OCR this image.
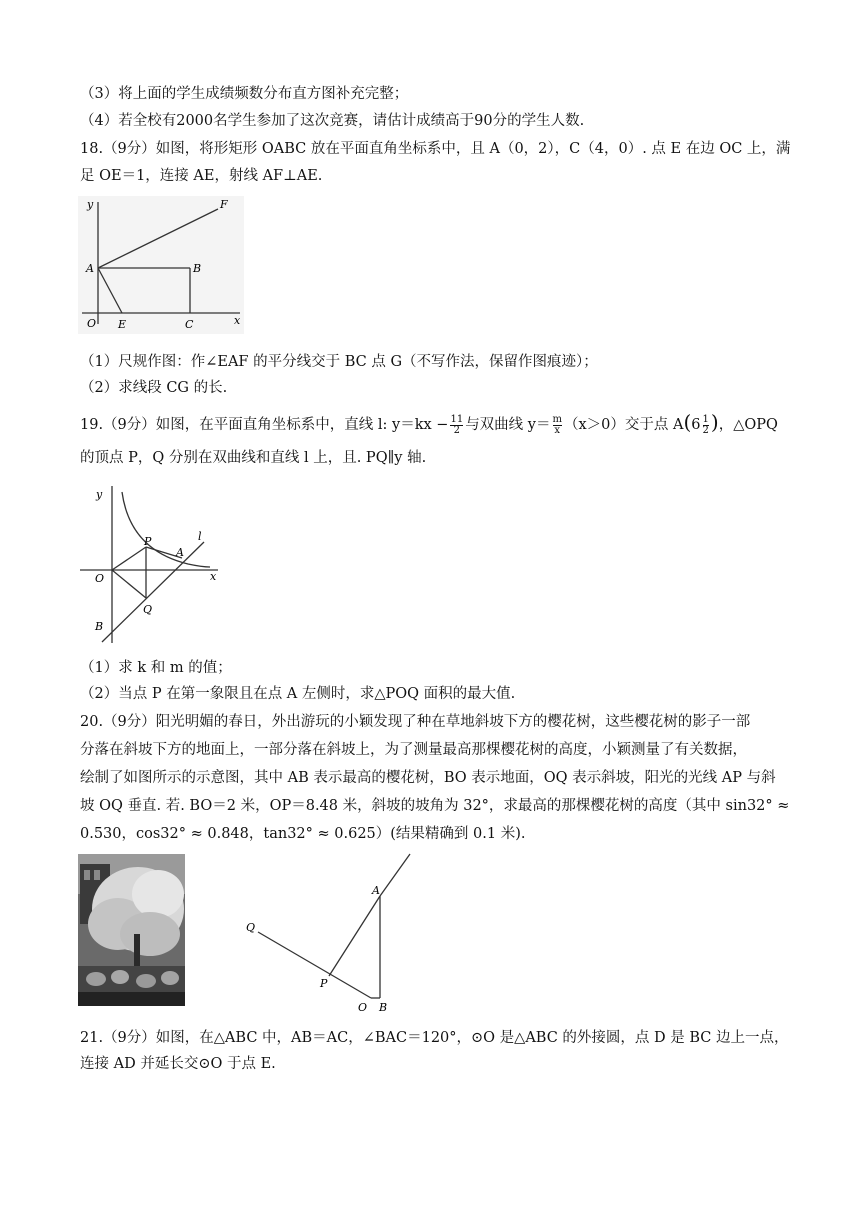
（3）将上面的学生成绩频数分布直方图补充完整；
（4）若全校有2000名学生参加了这次竞赛，请估计成绩高于90分的学生人数.
18.（9分）如图，将形矩形 OABC 放在平面直角坐标系中，且 A（0，2），C（4，0）. 点 E 在边 OC 上，满
足 OE＝1，连接 AE，射线 AF⊥AE.
y	F
A	B
O E	C	x
（1）尺规作图：作∠EAF 的平分线交于 BC 点 G（不写作法，保留作图痕迹）；
（2）求线段 CG 的长.
19.（9分）如图，在平面直角坐标系中，直线 l: $y=kx - \frac{11}{2}$ 与双曲线 $y= \frac{m}{x} (x>0)$交于点 $A(6 \frac{1}{2}$ )，△OPQ
的顶点 P，Q 分别在双曲线和直线 l 上，且. PQ∥y 轴.
y
l
P
A
O	x
Q
B
（1）求 k 和 m 的值；
（2）当点 P 在第一象限且在点 A 左侧时，求△POQ 面积的最大值.
20.（9分）阳光明媚的春日，外出游玩的小颖发现了种在草地斜坡下方的樱花树，这些樱花树的影子一部
分落在斜坡下方的地面上，一部分落在斜坡上，为了测量最高那棵樱花树的高度，小颖测量了有关数据，
绘制了如图所示的示意图，其中 AB 表示最高的樱花树，BO 表示地面，OQ 表示斜坡，阳光的光线 AP 与斜
坡 OQ 垂直. 若. BO＝2 米，OP＝8.48 米，斜坡的坡角为 32°，求最高的那棵樱花树的高度（其中 sin32° ≈
0.530，cos32° ≈ 0.848，tan32° ≈ 0.625）(结果精确到 0.1 米).
A
Q
P
O B
21.（9分）如图，在△ABC 中，AB＝AC，∠BAC＝120°，⊙O 是△ABC 的外接圆，点 D 是 BC 边上一点，
连接 AD 并延长交⊙O 于点 E.
